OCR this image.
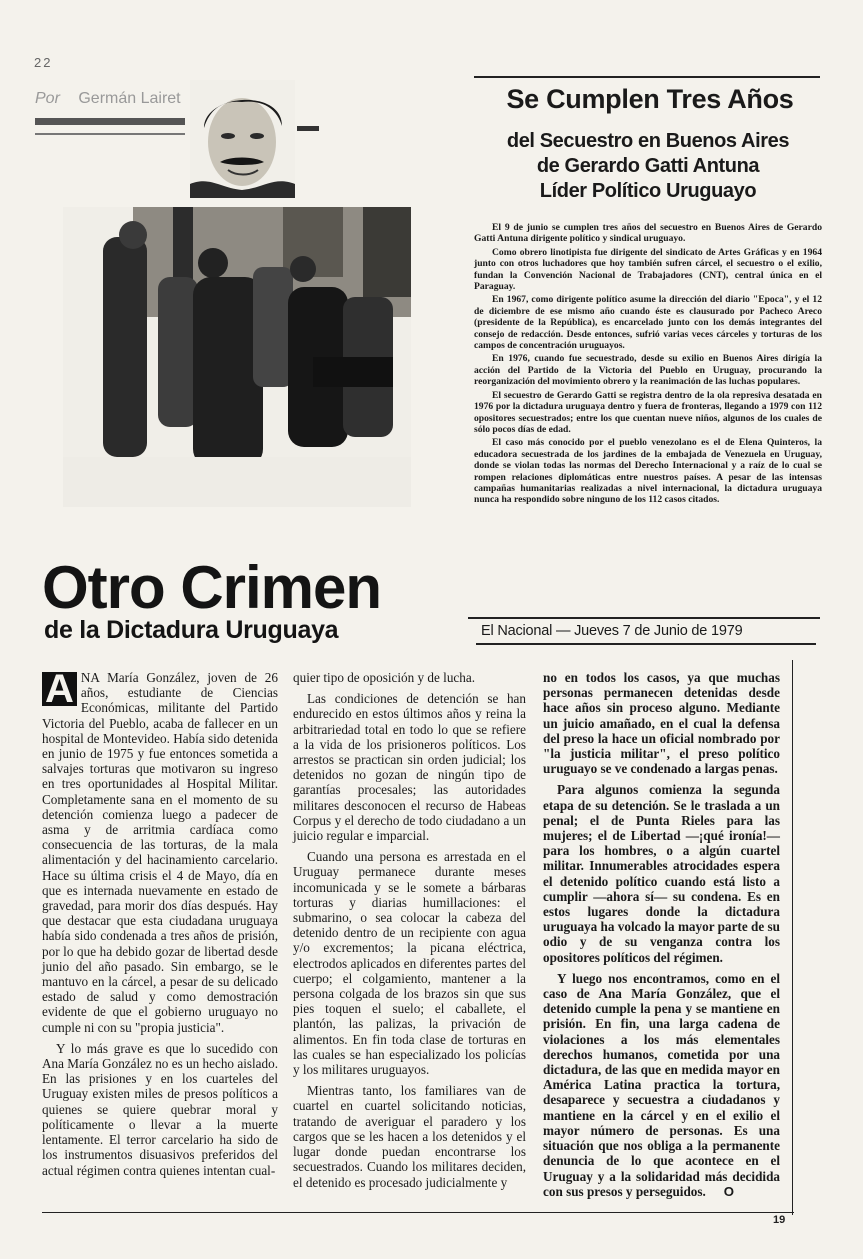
22
Por Germán Lairet	Se Cumplen Tres Años
del Secuestro en Buenos Aires
de Gerardo Gatti Antuna
Líder Político Uruguayo

El 9 de junio se cumplen tres años del secuestro en Buenos Aires de Gerardo Gatti Antuna dirigente político y sindical uruguayo.

Como obrero linotipista fue dirigente del sindicato de Artes Gráficas y en 1964 junto con otros luchadores que hoy también sufren cárcel, el secuestro o el exilio, fundan la Convención Nacional de Trabajadores (CNT), central única en el Paraguay.

En 1967, como dirigente político asume la dirección del diario "Epoca", y el 12 de diciembre de ese mismo año cuando éste es clausurado por Pacheco Areco (presidente de la República), es encarcelado junto con los demás integrantes del consejo de redacción. Desde entonces, sufrió varias veces cárceles y torturas de los campos de concentración uruguayos.

En 1976, cuando fue secuestrado, desde su exilio en Buenos Aires dirigía la acción del Partido de la Victoria del Pueblo en Uruguay, procurando la reorganización del movimiento obrero y la reanimación de las luchas populares.

El secuestro de Gerardo Gatti se registra dentro de la ola represiva desatada en 1976 por la dictadura uruguaya dentro y fuera de fronteras, llegando a 1979 con 112 opositores secuestrados; entre los que cuentan nueve niños, algunos de los cuales de sólo pocos días de edad.

El caso más conocido por el pueblo venezolano es el de Elena Quinteros, la educadora secuestrada de los jardines de la embajada de Venezuela en Uruguay, donde se violan todas las normas del Derecho Internacional y a raíz de lo cual se rompen relaciones diplomáticas entre nuestros países. A pesar de las intensas campañas humanitarias realizadas a nivel internacional, la dictadura uruguaya nunca ha respondido sobre ninguno de los 112 casos citados.

Otro Crimen
de la Dictadura Uruguaya	El Nacional — Jueves 7 de Junio de 1979

A NA María González, joven de 26 años, estudiante de Ciencias Económicas, militante del Partido Victoria del Pueblo, acaba de fallecer en un hospital de Montevideo. Había sido detenida en junio de 1975 y fue entonces sometida a salvajes torturas que motivaron su ingreso en tres oportunidades al Hospital Militar. Completamente sana en el momento de su detención comienza luego a padecer de asma y de arritmia cardíaca como consecuencia de las torturas, de la mala alimentación y del hacinamiento carcelario. Hace su última crisis el 4 de Mayo, día en que es internada nuevamente en estado de gravedad, para morir dos días después. Hay que destacar que esta ciudadana uruguaya había sido condenada a tres años de prisión, por lo que ha debido gozar de libertad desde junio del año pasado. Sin embargo, se le mantuvo en la cárcel, a pesar de su delicado estado de salud y como demostración evidente de que el gobierno uruguayo no cumple ni con su "propia justicia".

Y lo más grave es que lo sucedido con Ana María González no es un hecho aislado. En las prisiones y en los cuarteles del Uruguay existen miles de presos políticos a quienes se quiere quebrar moral y políticamente o llevar a la muerte lentamente. El terror carcelario ha sido de los instrumentos disuasivos preferidos del actual régimen contra quienes intentan cual-

quier tipo de oposición y de lucha.

Las condiciones de detención se han endurecido en estos últimos años y reina la arbitrariedad total en todo lo que se refiere a la vida de los prisioneros políticos. Los arrestos se practican sin orden judicial; los detenidos no gozan de ningún tipo de garantías procesales; las autoridades militares desconocen el recurso de Habeas Corpus y el derecho de todo ciudadano a un juicio regular e imparcial.

Cuando una persona es arrestada en el Uruguay permanece durante meses incomunicada y se le somete a bárbaras torturas y diarias humillaciones: el submarino, o sea colocar la cabeza del detenido dentro de un recipiente con agua y/o excrementos; la picana eléctrica, electrodos aplicados en diferentes partes del cuerpo; el colgamiento, mantener a la persona colgada de los brazos sin que sus pies toquen el suelo; el caballete, el plantón, las palizas, la privación de alimentos. En fin toda clase de torturas en las cuales se han especializado los policías y los militares uruguayos.

Mientras tanto, los familiares van de cuartel en cuartel solicitando noticias, tratando de averiguar el paradero y los cargos que se les hacen a los detenidos y el lugar donde puedan encontrarse los secuestrados. Cuando los militares deciden, el detenido es procesado judicialmente y

no en todos los casos, ya que muchas personas permanecen detenidas desde hace años sin proceso alguno. Mediante un juicio amañado, en el cual la defensa del preso la hace un oficial nombrado por "la justicia militar", el preso político uruguayo se ve condenado a largas penas.

Para algunos comienza la segunda etapa de su detención. Se le traslada a un penal; el de Punta Rieles para las mujeres; el de Libertad —¡qué ironía!— para los hombres, o a algún cuartel militar. Innumerables atrocidades espera el detenido político cuando está listo a cumplir —ahora sí— su condena. Es en estos lugares donde la dictadura uruguaya ha volcado la mayor parte de su odio y de su venganza contra los opositores políticos del régimen.

Y luego nos encontramos, como en el caso de Ana María González, que el detenido cumple la pena y se mantiene en prisión. En fin, una larga cadena de violaciones a los más elementales derechos humanos, cometida por una dictadura, de las que en medida mayor en América Latina practica la tortura, desaparece y secuestra a ciudadanos y mantiene en la cárcel y en el exilio el mayor número de personas. Es una situación que nos obliga a la permanente denuncia de lo que acontece en el Uruguay y a la solidaridad más decidida con sus presos y perseguidos. O

19
